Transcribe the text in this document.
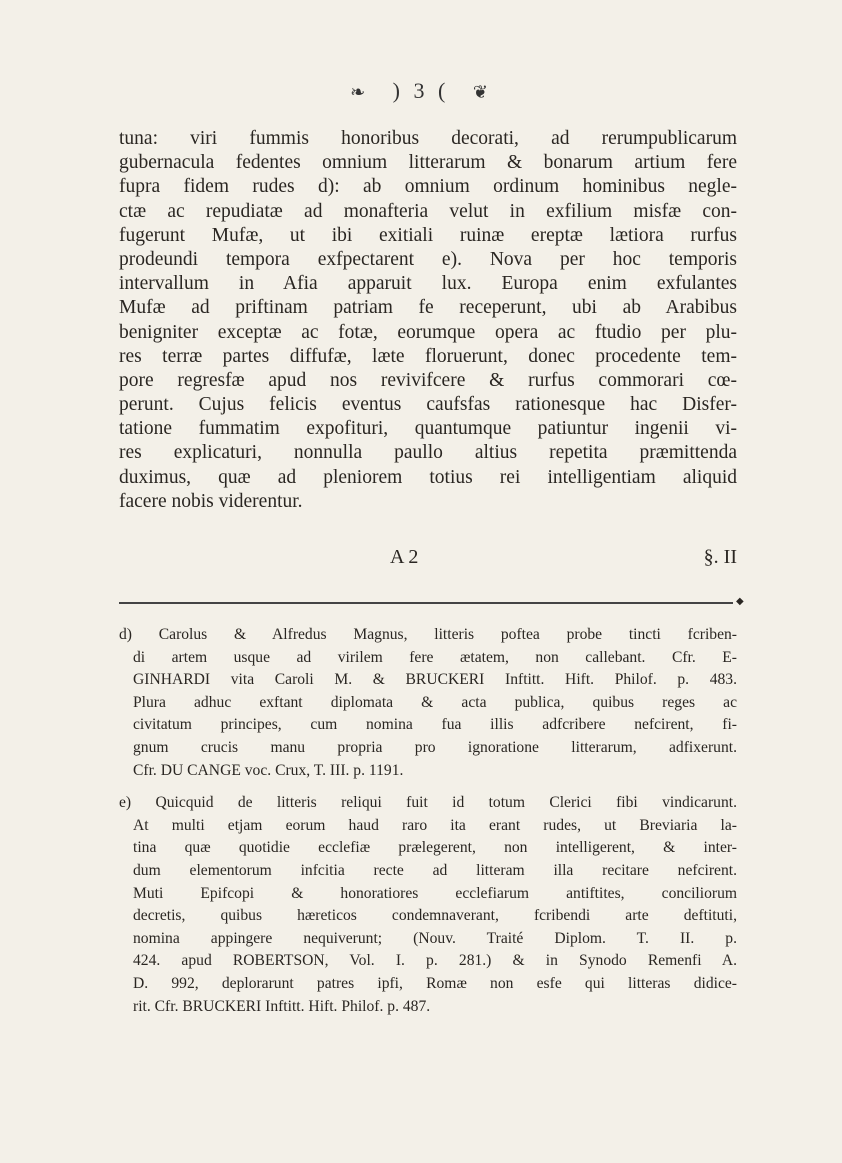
❧ ) 3 ( ❦
tuna: viri fummis honoribus decorati, ad rerumpublicarum
gubernacula fedentes omnium litterarum & bonarum artium fere
fupra fidem rudes d): ab omnium ordinum hominibus negle-
ctæ ac repudiatæ ad monafteria velut in exfilium misfæ con-
fugerunt Mufæ, ut ibi exitiali ruinæ ereptæ lætiora rurfus
prodeundi tempora exfpectarent e). Nova per hoc temporis
intervallum in Afia apparuit lux. Europa enim exfulantes
Mufæ ad priftinam patriam fe receperunt, ubi ab Arabibus
benigniter exceptæ ac fotæ, eorumque opera ac ftudio per plu-
res terræ partes diffufæ, læte floruerunt, donec procedente tem-
pore regresfæ apud nos revivifcere & rurfus commorari cœ-
perunt. Cujus felicis eventus caufsfas rationesque hac Disfer-
tatione fummatim expofituri, quantumque patiuntur ingenii vi-
res explicaturi, nonnulla paullo altius repetita præmittenda
duximus, quæ ad pleniorem totius rei intelligentiam aliquid
facere nobis viderentur.
A 2	§. II
◆
d) Carolus & Alfredus Magnus, litteris poftea probe tincti fcriben-
di artem usque ad virilem fere ætatem, non callebant. Cfr. E-
GINHARDI vita Caroli M. & BRUCKERI Inftitt. Hift. Philof. p. 483.
Plura adhuc exftant diplomata & acta publica, quibus reges ac
civitatum principes, cum nomina fua illis adfcribere nefcirent, fi-
gnum crucis manu propria pro ignoratione litterarum, adfixerunt.
Cfr. DU CANGE voc. Crux, T. III. p. 1191.
e) Quicquid de litteris reliqui fuit id totum Clerici fibi vindicarunt.
At multi etjam eorum haud raro ita erant rudes, ut Breviaria la-
tina quæ quotidie ecclefiæ prælegerent, non intelligerent, & inter-
dum elementorum infcitia recte ad litteram illa recitare nefcirent.
Muti Epifcopi & honoratiores ecclefiarum antiftites, conciliorum
decretis, quibus hæreticos condemnaverant, fcribendi arte deftituti,
nomina appingere nequiverunt; (Nouv. Traité Diplom. T. II. p.
424. apud ROBERTSON, Vol. I. p. 281.) & in Synodo Remenfi A.
D. 992, deplorarunt patres ipfi, Romæ non esfe qui litteras didice-
rit. Cfr. BRUCKERI Inftitt. Hift. Philof. p. 487.
